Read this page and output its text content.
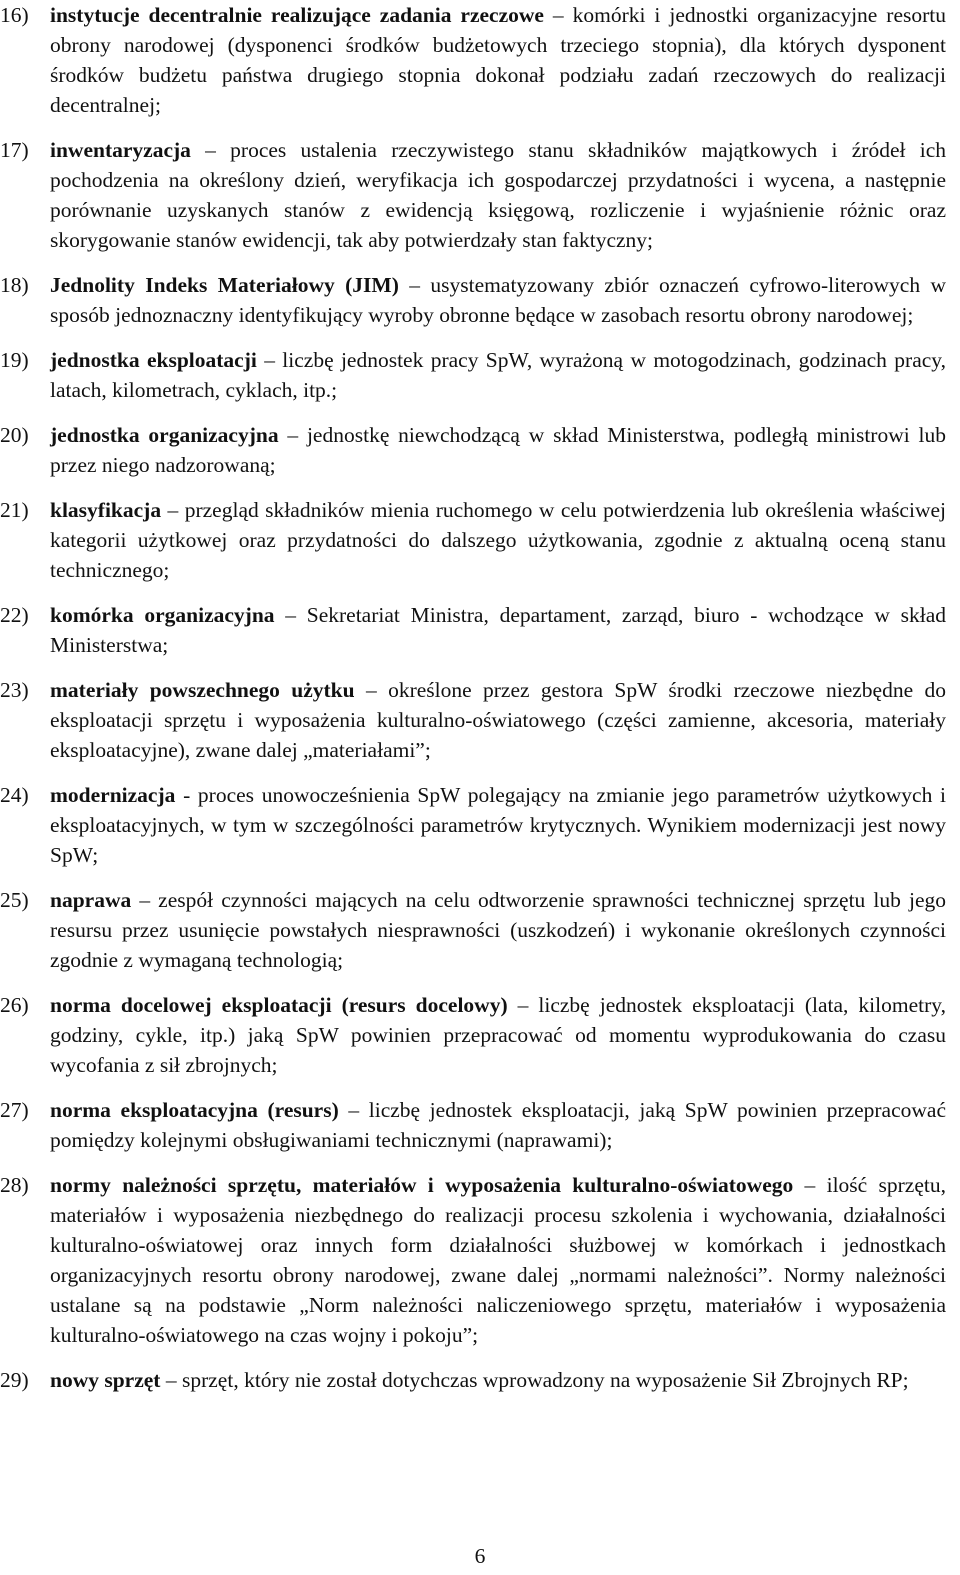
16) instytucje decentralnie realizujące zadania rzeczowe – komórki i jednostki organizacyjne resortu obrony narodowej (dysponenci środków budżetowych trzeciego stopnia), dla których dysponent środków budżetu państwa drugiego stopnia dokonał podziału zadań rzeczowych do realizacji decentralnej;

17) inwentaryzacja – proces ustalenia rzeczywistego stanu składników majątkowych i źródeł ich pochodzenia na określony dzień, weryfikacja ich gospodarczej przydatności i wycena, a następnie porównanie uzyskanych stanów z ewidencją księgową, rozliczenie i wyjaśnienie różnic oraz skorygowanie stanów ewidencji, tak aby potwierdzały stan faktyczny;

18) Jednolity Indeks Materiałowy (JIM) – usystematyzowany zbiór oznaczeń cyfrowo-literowych w sposób jednoznaczny identyfikujący wyroby obronne będące w zasobach resortu obrony narodowej;

19) jednostka eksploatacji – liczbę jednostek pracy SpW, wyrażoną w motogodzinach, godzinach pracy, latach, kilometrach, cyklach, itp.;

20) jednostka organizacyjna – jednostkę niewchodzącą w skład Ministerstwa, podległą ministrowi lub przez niego nadzorowaną;

21) klasyfikacja – przegląd składników mienia ruchomego w celu potwierdzenia lub określenia właściwej kategorii użytkowej oraz przydatności do dalszego użytkowania, zgodnie z aktualną oceną stanu technicznego;

22) komórka organizacyjna – Sekretariat Ministra, departament, zarząd, biuro - wchodzące w skład Ministerstwa;

23) materiały powszechnego użytku – określone przez gestora SpW środki rzeczowe niezbędne do eksploatacji sprzętu i wyposażenia kulturalno-oświatowego (części zamienne, akcesoria, materiały eksploatacyjne), zwane dalej „materiałami”;

24) modernizacja - proces unowocześnienia SpW polegający na zmianie jego parametrów użytkowych i eksploatacyjnych, w tym w szczególności parametrów krytycznych. Wynikiem modernizacji jest nowy SpW;

25) naprawa – zespół czynności mających na celu odtworzenie sprawności technicznej sprzętu lub jego resursu przez usunięcie powstałych niesprawności (uszkodzeń) i wykonanie określonych czynności zgodnie z wymaganą technologią;

26) norma docelowej eksploatacji (resurs docelowy) – liczbę jednostek eksploatacji (lata, kilometry, godziny, cykle, itp.) jaką SpW powinien przepracować od momentu wyprodukowania do czasu wycofania z sił zbrojnych;

27) norma eksploatacyjna (resurs) – liczbę jednostek eksploatacji, jaką SpW powinien przepracować pomiędzy kolejnymi obsługiwaniami technicznymi (naprawami);

28) normy należności sprzętu, materiałów i wyposażenia kulturalno-oświatowego – ilość sprzętu, materiałów i wyposażenia niezbędnego do realizacji procesu szkolenia i wychowania, działalności kulturalno-oświatowej oraz innych form działalności służbowej w komórkach i jednostkach organizacyjnych resortu obrony narodowej, zwane dalej „normami należności”. Normy należności ustalane są na podstawie „Norm należności naliczeniowego sprzętu, materiałów i wyposażenia kulturalno-oświatowego na czas wojny i pokoju”;

29) nowy sprzęt – sprzęt, który nie został dotychczas wprowadzony na wyposażenie Sił Zbrojnych RP;

6
